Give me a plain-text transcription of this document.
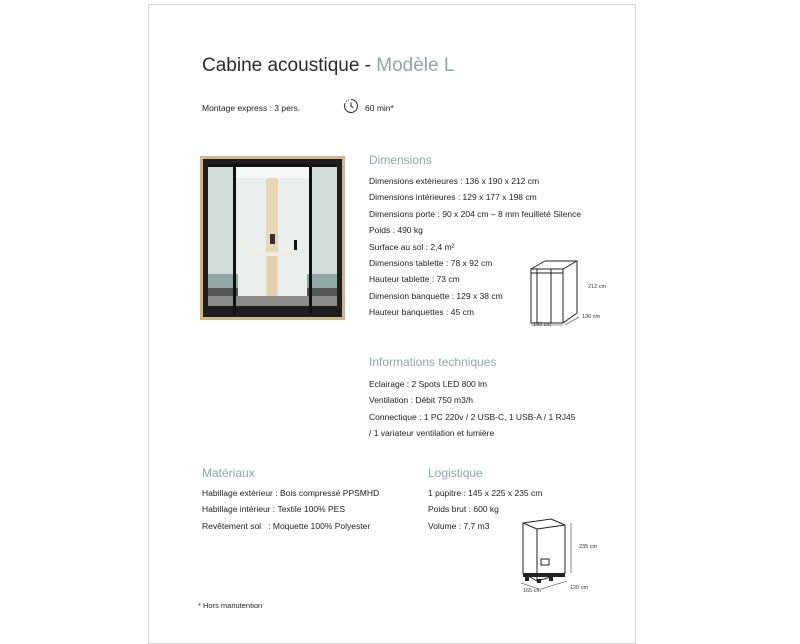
Cabine acoustique - Modèle L
Montage express : 3 pers.	60 min*
Dimensions
Dimensions extérieures : 136 x 190 x 212 cm
Dimensions intérieures : 129 x 177 x 198 cm
Dimensions porte : 90 x 204 cm – 8 mm feuilleté Silence
Poids : 490 kg
Surface au sol : 2,4 m²
Dimensions tablette : 78 x 92 cm
Hauteur tablette : 73 cm
Dimension banquette : 129 x 38 cm
Hauteur banquettes : 45 cm
212 cm
190 cm
136 cm
Informations techniques
Eclairage : 2 Spots LED 800 lm
Ventilation : Débit 750 m3/h
Connectique : 1 PC 220v / 2 USB-C, 1 USB-A / 1 RJ45
/ 1 variateur ventilation et lumière
Matériaux
Habillage extérieur : Bois compressé PPSMHD
Habillage intérieur : Textile 100% PES
Revêtement sol   : Moquette 100% Polyester
Logistique
1 pupitre : 145 x 225 x 235 cm
Poids brut : 600 kg
Volume : 7,7 m3
235 cm
165 cm	120 cm
* Hors manutention
